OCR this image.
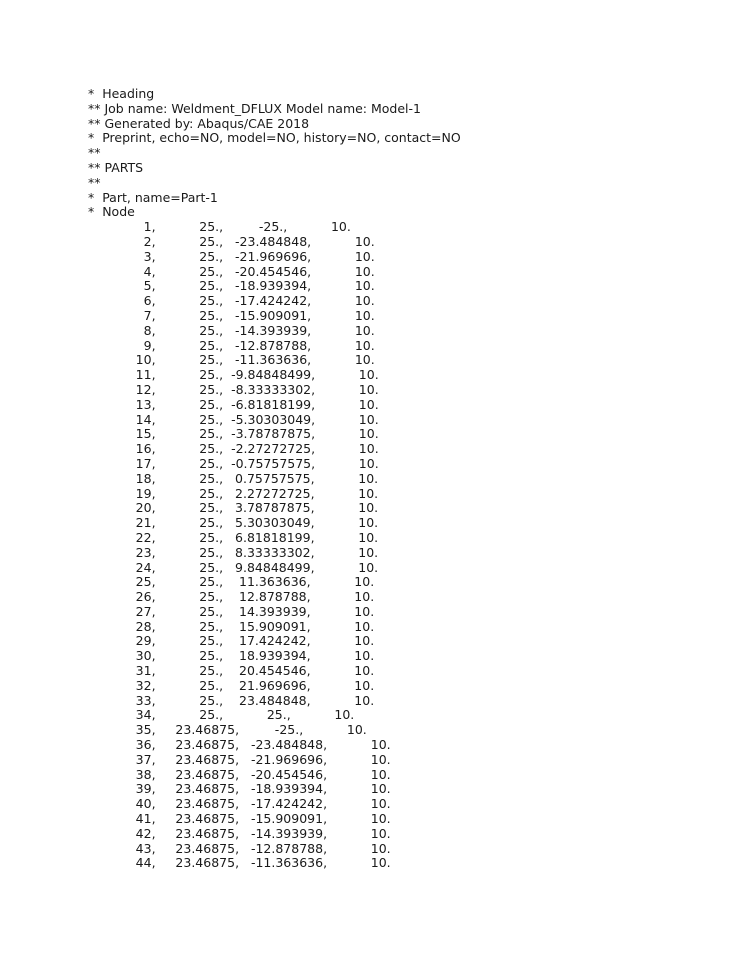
*  Heading
** Job name: Weldment_DFLUX Model name: Model-1
** Generated by: Abaqus/CAE 2018
*  Preprint, echo=NO, model=NO, history=NO, contact=NO
**
** PARTS
**
*  Part, name=Part-1
*  Node
1,           25.,         -25.,           10.
2,           25.,   -23.484848,           10.
3,           25.,   -21.969696,           10.
4,           25.,   -20.454546,           10.
5,           25.,   -18.939394,           10.
6,           25.,   -17.424242,           10.
7,           25.,   -15.909091,           10.
8,           25.,   -14.393939,           10.
9,           25.,   -12.878788,           10.
10,           25.,   -11.363636,           10.
11,           25.,  -9.84848499,           10.
12,           25.,  -8.33333302,           10.
13,           25.,  -6.81818199,           10.
14,           25.,  -5.30303049,           10.
15,           25.,  -3.78787875,           10.
16,           25.,  -2.27272725,           10.
17,           25.,  -0.75757575,           10.
18,           25.,   0.75757575,           10.
19,           25.,   2.27272725,           10.
20,           25.,   3.78787875,           10.
21,           25.,   5.30303049,           10.
22,           25.,   6.81818199,           10.
23,           25.,   8.33333302,           10.
24,           25.,   9.84848499,           10.
25,           25.,    11.363636,           10.
26,           25.,    12.878788,           10.
27,           25.,    14.393939,           10.
28,           25.,    15.909091,           10.
29,           25.,    17.424242,           10.
30,           25.,    18.939394,           10.
31,           25.,    20.454546,           10.
32,           25.,    21.969696,           10.
33,           25.,    23.484848,           10.
34,           25.,           25.,           10.
35,     23.46875,         -25.,           10.
36,     23.46875,   -23.484848,           10.
37,     23.46875,   -21.969696,           10.
38,     23.46875,   -20.454546,           10.
39,     23.46875,   -18.939394,           10.
40,     23.46875,   -17.424242,           10.
41,     23.46875,   -15.909091,           10.
42,     23.46875,   -14.393939,           10.
43,     23.46875,   -12.878788,           10.
44,     23.46875,   -11.363636,           10.
